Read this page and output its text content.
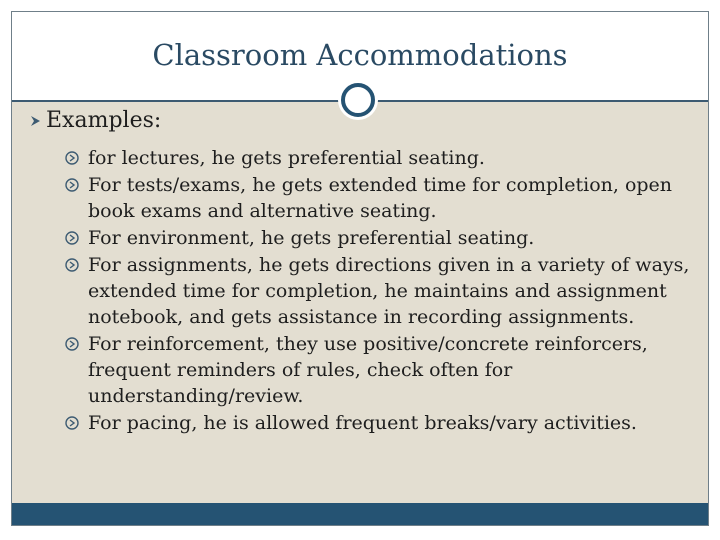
Classroom Accommodations
Examples:
for lectures, he gets preferential seating.
For tests/exams, he gets extended time for completion, open book exams and alternative seating.
For environment, he gets preferential seating.
For assignments, he gets directions given in a variety of ways, extended time for completion, he maintains and assignment notebook, and gets assistance in recording assignments.
For reinforcement, they use positive/concrete reinforcers, frequent reminders of rules, check often for understanding/review.
For pacing, he is allowed frequent breaks/vary activities.
